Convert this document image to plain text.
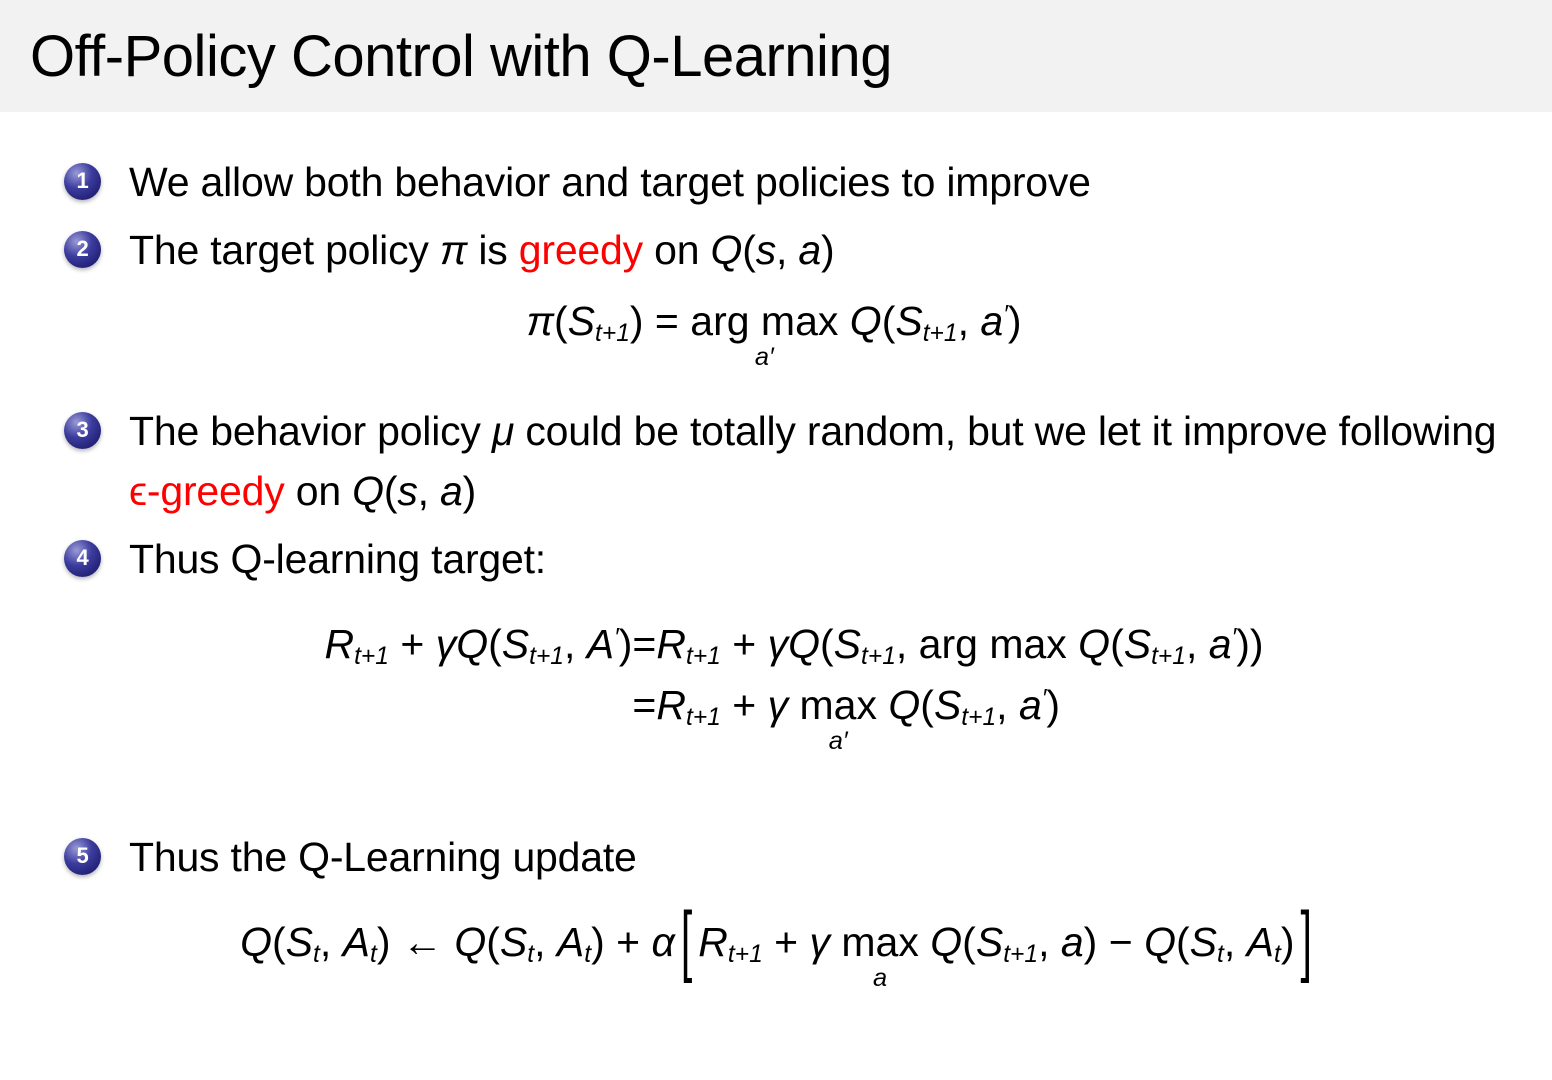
Off-Policy Control with Q-Learning
1 We allow both behavior and target policies to improve
2 The target policy π is greedy on Q(s, a)
$\pi(S_{t+1})$ = arg max
a′
$Q(S_{t+1}$, a′)
3 The behavior policy μ could be totally random, but we let it improve following ϵ-greedy on Q(s, a)
4 Thus Q-learning target:
$R_{t+1} + \gamma Q(S_{t+1}$, $A') =R_{t+1} + \gamma Q(S_{t+1}$, arg $\max Q(S_{t+1}$, a′))
$=R_{t+1} + \gamma$ max
a′
$Q(S_{t+1}$, a′)
5 Thus the Q-Learning update
$Q(S_t$, $A_t$) ← $Q(S_t$, $A_t) + \alpha$ [ $R_{t+1} + \gamma$ max
a
$Q(S_{t+1}$, $a) - Q(S_t$, $A_t$) ]
